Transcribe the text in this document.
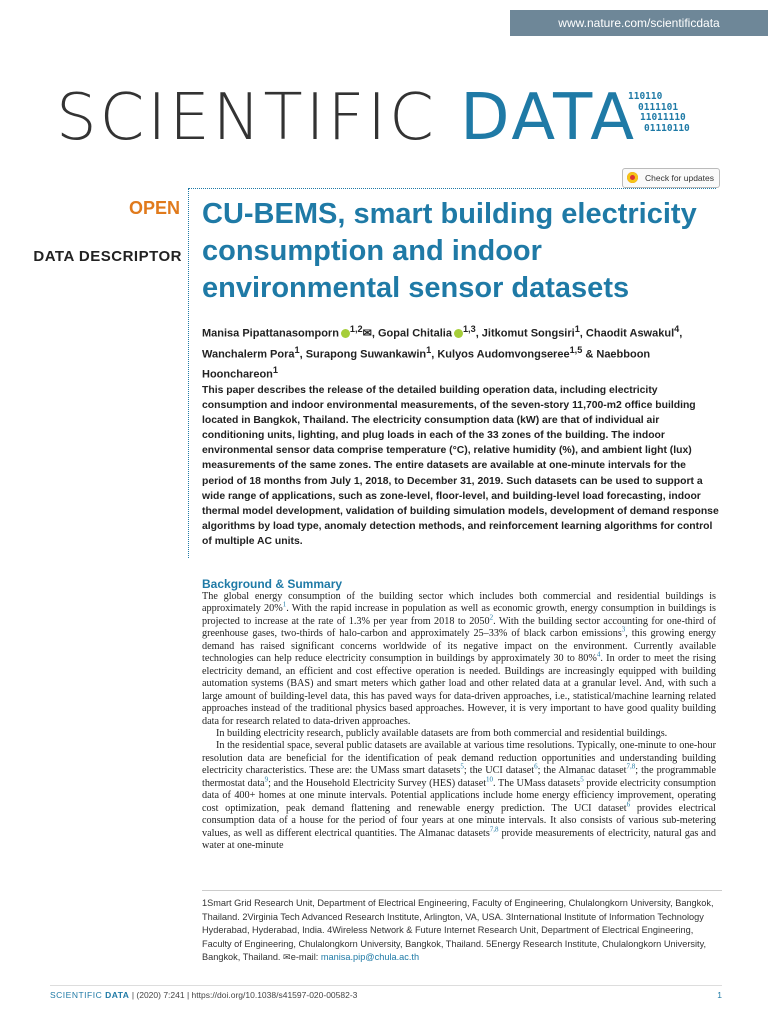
www.nature.com/scientificdata
SCIENTIFIC DATA
110110
0111101
11011110
01110110
Check for updates
OPEN
DATA DESCRIPTOR
CU-BEMS, smart building electricity consumption and indoor environmental sensor datasets
Manisa Pipattanasomporn $^{1,2}$✉, Gopal Chitalia $^{1,3}$, Jitkomut Songsiri$^1$, Chaodit Aswakul$^4$, Wanchalerm Pora$^1$, Surapong Suwankawin$^1$, Kulyos Audomvongseree$^{1,5}$ & Naebboon Hoonchareon$^1$
This paper describes the release of the detailed building operation data, including electricity consumption and indoor environmental measurements, of the seven-story 11,700-m2 office building located in Bangkok, Thailand. The electricity consumption data (kW) are that of individual air conditioning units, lighting, and plug loads in each of the 33 zones of the building. The indoor environmental sensor data comprise temperature (°C), relative humidity (%), and ambient light (lux) measurements of the same zones. The entire datasets are available at one-minute intervals for the period of 18 months from July 1, 2018, to December 31, 2019. Such datasets can be used to support a wide range of applications, such as zone-level, floor-level, and building-level load forecasting, indoor thermal model development, validation of building simulation models, development of demand response algorithms by load type, anomaly detection methods, and reinforcement learning algorithms for control of multiple AC units.
Background & Summary

The global energy consumption of the building sector which includes both commercial and residential buildings is approximately 20%$^1$. With the rapid increase in population as well as economic growth, energy consumption in buildings is projected to increase at the rate of 1.3% per year from 2018 to 2050$^2$. With the building sector accounting for one-third of greenhouse gases, two-thirds of halo-carbon and approximately 25–33% of black carbon emissions$^3$, this growing energy demand has raised significant concerns worldwide of its negative impact on the environment. Currently available technologies can help reduce electricity consumption in buildings by approximately 30 to 80%$^4$. In order to meet the rising electricity demand, an efficient and cost effective operation is needed. Buildings are increasingly equipped with building automation systems (BAS) and smart meters which gather load and other related data at a granular level. And, with such a large amount of building-level data, this has paved ways for data-driven approaches, i.e., statistical/machine learning related approaches instead of the traditional physics based approaches. However, it is very important to have good quality building data for research related to data-driven approaches.

In building electricity research, publicly available datasets are from both commercial and residential buildings.

In the residential space, several public datasets are available at various time resolutions. Typically, one-minute to one-hour resolution data are beneficial for the identification of peak demand reduction opportunities and understanding building electricity characteristics. These are: the UMass smart datasets$^5$; the UCI dataset$^6$; the Almanac dataset$^{7,8}$; the programmable thermostat data$^9$; and the Household Electricity Survey (HES) dataset$^{10}$. The UMass datasets$^5$ provide electricity consumption data of 400+ homes at one minute intervals. Potential applications include home energy efficiency improvement, operating cost optimization, peak demand flattening and renewable energy prediction. The UCI dataset$^6$ provides electrical consumption data of a house for the period of four years at one minute intervals. It also consists of various sub-metering values, as well as different electrical quantities. The Almanac datasets$^{7,8}$ provide measurements of electricity, natural gas and water at one-minute

1Smart Grid Research Unit, Department of Electrical Engineering, Faculty of Engineering, Chulalongkorn University, Bangkok, Thailand. 2Virginia Tech Advanced Research Institute, Arlington, VA, USA. 3International Institute of Information Technology Hyderabad, Hyderabad, India. 4Wireless Network & Future Internet Research Unit, Department of Electrical Engineering, Faculty of Engineering, Chulalongkorn University, Bangkok, Thailand. 5Energy Research Institute, Chulalongkorn University, Bangkok, Thailand. ✉e-mail: manisa.pip@chula.ac.th
SCIENTIFIC DATA | (2020) 7:241 | https://doi.org/10.1038/s41597-020-00582-3	1
